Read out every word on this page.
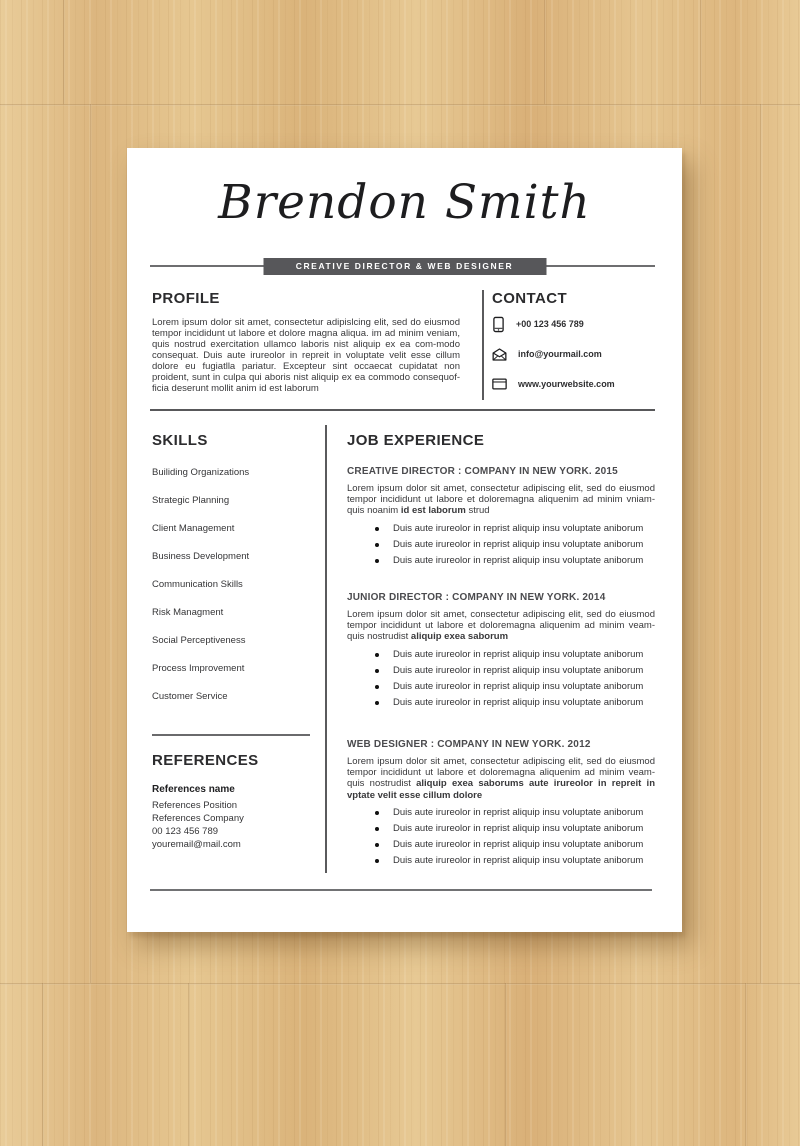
Brendon Smith
CREATIVE DIRECTOR & WEB DESIGNER
PROFILE

Lorem ipsum dolor sit amet, consectetur adipislcing elit, sed do eiusmod tempor incididunt ut labore et dolore magna aliqua. im ad minim veniam, quis nostrud exercitation ullamco laboris nist aliquip ex ea com-modo consequat. Duis aute irureolor in repreit in voluptate velit esse cillum dolore eu fugiatlla pariatur. Excepteur sint occaecat cupidatat non proident, sunt in culpa qui aboris nist aliquip ex ea commodo consequof-ficia deserunt mollit anim id est laborum

CONTACT
+00 123 456 789
info@yourmail.com
www.yourwebsite.com
SKILLS
Builiding Organizations
Strategic Planning
Client Management
Business Development
Communication Skills
Risk Managment
Social Perceptiveness
Process Improvement
Customer Service
REFERENCES
References name
References Position
References Company
00 123 456 789
youremail@mail.com
JOB EXPERIENCE
CREATIVE DIRECTOR : COMPANY IN NEW YORK. 2015

Lorem ipsum dolor sit amet, consectetur adipiscing elit, sed do eiusmod tempor incididunt ut labore et doloremagna aliquenim ad minim vniam-quis noanim id est laborum strud

Duis aute irureolor in reprist aliquip insu voluptate aniborum
Duis aute irureolor in reprist aliquip insu voluptate aniborum
Duis aute irureolor in reprist aliquip insu voluptate aniborum
JUNIOR DIRECTOR : COMPANY IN NEW YORK. 2014

Lorem ipsum dolor sit amet, consectetur adipiscing elit, sed do eiusmod tempor incididunt ut labore et doloremagna aliquenim ad minim veam-quis nostrudist aliquip exea saborum

Duis aute irureolor in reprist aliquip insu voluptate aniborum
Duis aute irureolor in reprist aliquip insu voluptate aniborum
Duis aute irureolor in reprist aliquip insu voluptate aniborum
Duis aute irureolor in reprist aliquip insu voluptate aniborum
WEB DESIGNER : COMPANY IN NEW YORK. 2012

Lorem ipsum dolor sit amet, consectetur adipiscing elit, sed do eiusmod tempor incididunt ut labore et doloremagna aliquenim ad minim veam-quis nostrudist aliquip exea saborums aute irureolor in repreit in vptate velit esse cillum dolore

Duis aute irureolor in reprist aliquip insu voluptate aniborum
Duis aute irureolor in reprist aliquip insu voluptate aniborum
Duis aute irureolor in reprist aliquip insu voluptate aniborum
Duis aute irureolor in reprist aliquip insu voluptate aniborum
